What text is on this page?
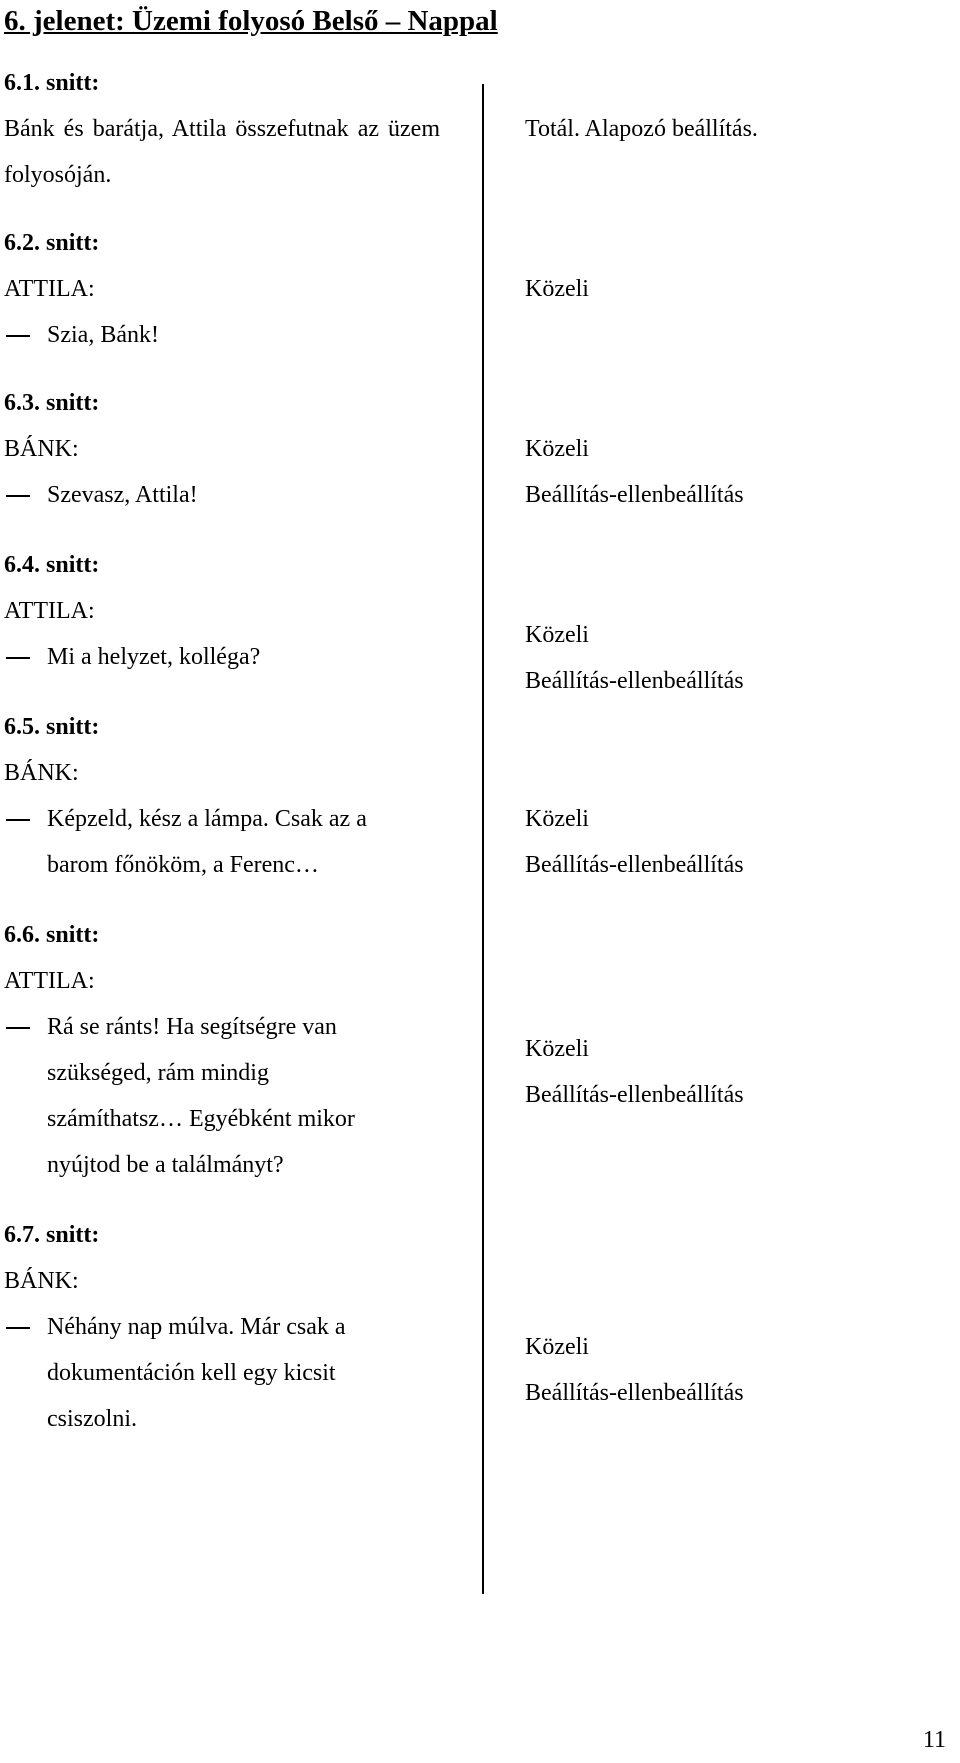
6. jelenet: Üzemi folyosó Belső – Nappal
6.1. snitt:
Bánk és barátja, Attila összefutnak az üzem folyosóján.
6.2. snitt:
ATTILA:
Szia, Bánk!
6.3. snitt:
BÁNK:
Szevasz, Attila!
6.4. snitt:
ATTILA:
Mi a helyzet, kolléga?
6.5. snitt:
BÁNK:
Képzeld, kész a lámpa. Csak az a
barom főnököm, a Ferenc…
6.6. snitt:
ATTILA:
Rá se ránts! Ha segítségre van
szükséged, rám mindig
számíthatsz… Egyébként mikor
nyújtod be a találmányt?
6.7. snitt:
BÁNK:
Néhány nap múlva. Már csak a
dokumentáción kell egy kicsit
csiszolni.
Totál. Alapozó beállítás.
Közeli
Közeli
Beállítás-ellenbeállítás
Közeli
Beállítás-ellenbeállítás
Közeli
Beállítás-ellenbeállítás
Közeli
Beállítás-ellenbeállítás
Közeli
Beállítás-ellenbeállítás
11
